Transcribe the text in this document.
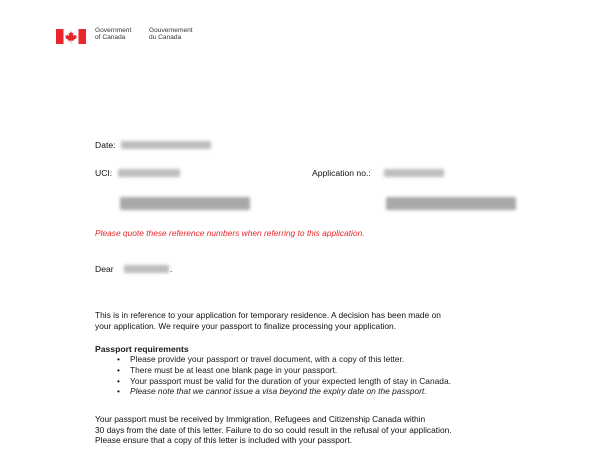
Government
of Canada
Gouvernement
du Canada

Date:

UCI:	Application no.:

Please quote these reference numbers when referring to this application.

Dear	.

This is in reference to your application for temporary residence. A decision has been made on
your application. We require your passport to finalize processing your application.

Passport requirements

• Please provide your passport or travel document, with a copy of this letter.
• There must be at least one blank page in your passport.
• Your passport must be valid for the duration of your expected length of stay in Canada.
• Please note that we cannot issue a visa beyond the expiry date on the passport.
Your passport must be received by Immigration, Refugees and Citizenship Canada within
30 days from the date of this letter. Failure to do so could result in the refusal of your application.
Please ensure that a copy of this letter is included with your passport.
